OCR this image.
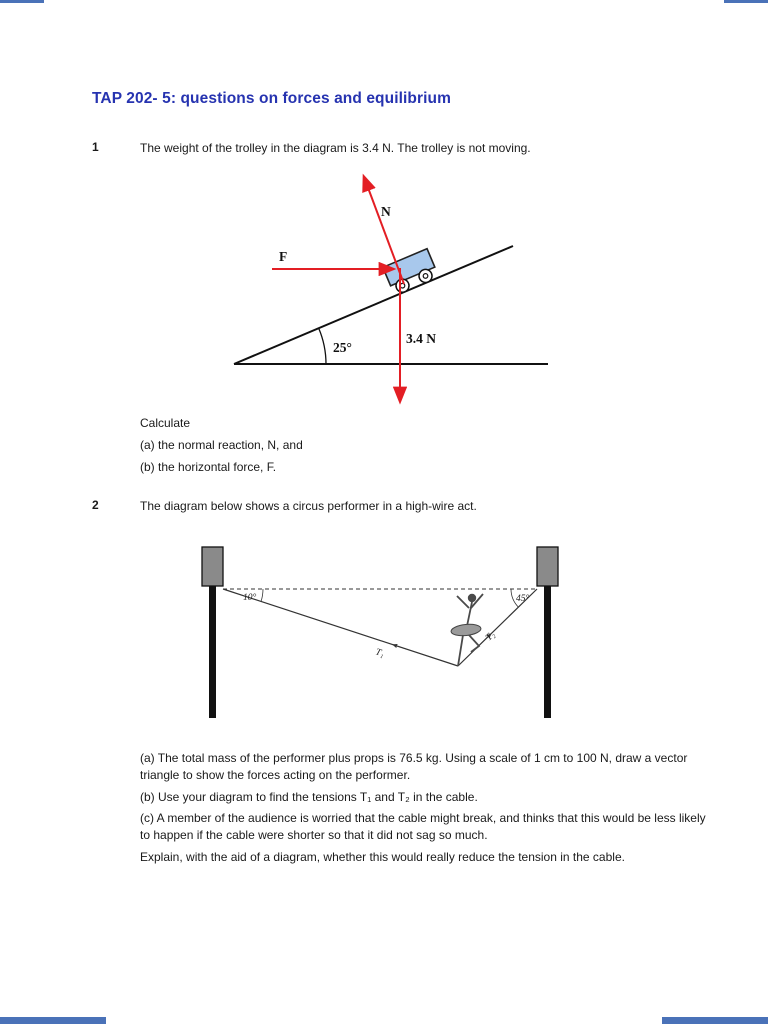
TAP 202- 5: questions on forces and equilibrium
1	The weight of the trolley in the diagram is 3.4 N. The trolley is not moving.
N
F
25°
3.4 N
Calculate
(a) the normal reaction, N, and
(b) the horizontal force, F.
2	The diagram below shows a circus performer in a high-wire act.
10°	45°
T₁
T₂
(a) The total mass of the performer plus props is 76.5 kg. Using a scale of 1 cm to 100 N, draw a vector triangle to show the forces acting on the performer.
(b) Use your diagram to find the tensions T₁ and T₂ in the cable.
(c) A member of the audience is worried that the cable might break, and thinks that this would be less likely to happen if the cable were shorter so that it did not sag so much.
Explain, with the aid of a diagram, whether this would really reduce the tension in the cable.
